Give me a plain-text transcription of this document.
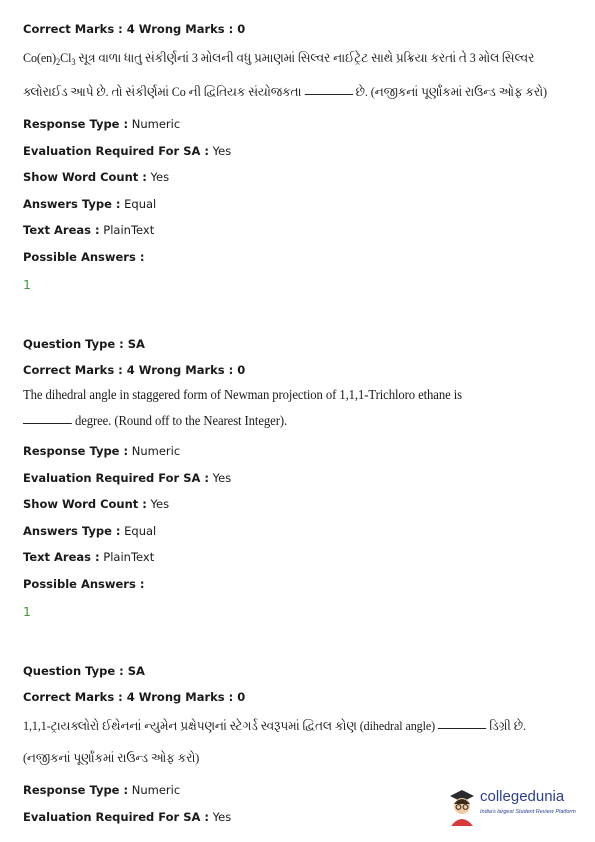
Correct Marks : 4 Wrong Marks : 0
$Co(en)_2Cl_3$ સૂત્ર વાળા ધાતુ સંકીર્ણનાં 3 મોલની વધુ પ્રમાણમાં સિલ્વર નાઈટ્રેટ સાથે પ્રક્રિયા કરતાં તે 3 મોલ સિલ્વર
ક્લોરાઈડ આપે છે. તો સંકીર્ણમાં Co ની દ્વિતિયક સંયોજકતા	છે. (નજીકનાં પૂર્ણાંકમાં રાઉન્ડ ઓફ કરો)
Response Type : Numeric
Evaluation Required For SA : Yes
Show Word Count : Yes
Answers Type : Equal
Text Areas : PlainText
Possible Answers :
1
Question Type : SA
Correct Marks : 4 Wrong Marks : 0
The dihedral angle in staggered form of Newman projection of 1,1,1-Trichloro ethane is
degree. (Round off to the Nearest Integer).
Response Type : Numeric
Evaluation Required For SA : Yes
Show Word Count : Yes
Answers Type : Equal
Text Areas : PlainText
Possible Answers :
1
Question Type : SA
Correct Marks : 4 Wrong Marks : 0
1,1,1-ટ્રાયક્લોરો ઈથેનનાં ન્યુમેન પ્રક્ષેપણનાં સ્ટેગર્ડ સ્વરૂપમાં દ્વિતલ કોણ (dihedral angle)	ડિગ્રી છે.
(નજીકનાં પૂર્ણાંકમાં રાઉન્ડ ઓફ કરો)
Response Type : Numeric
Evaluation Required For SA : Yes
collegedunia
India's largest Student Review Platform
